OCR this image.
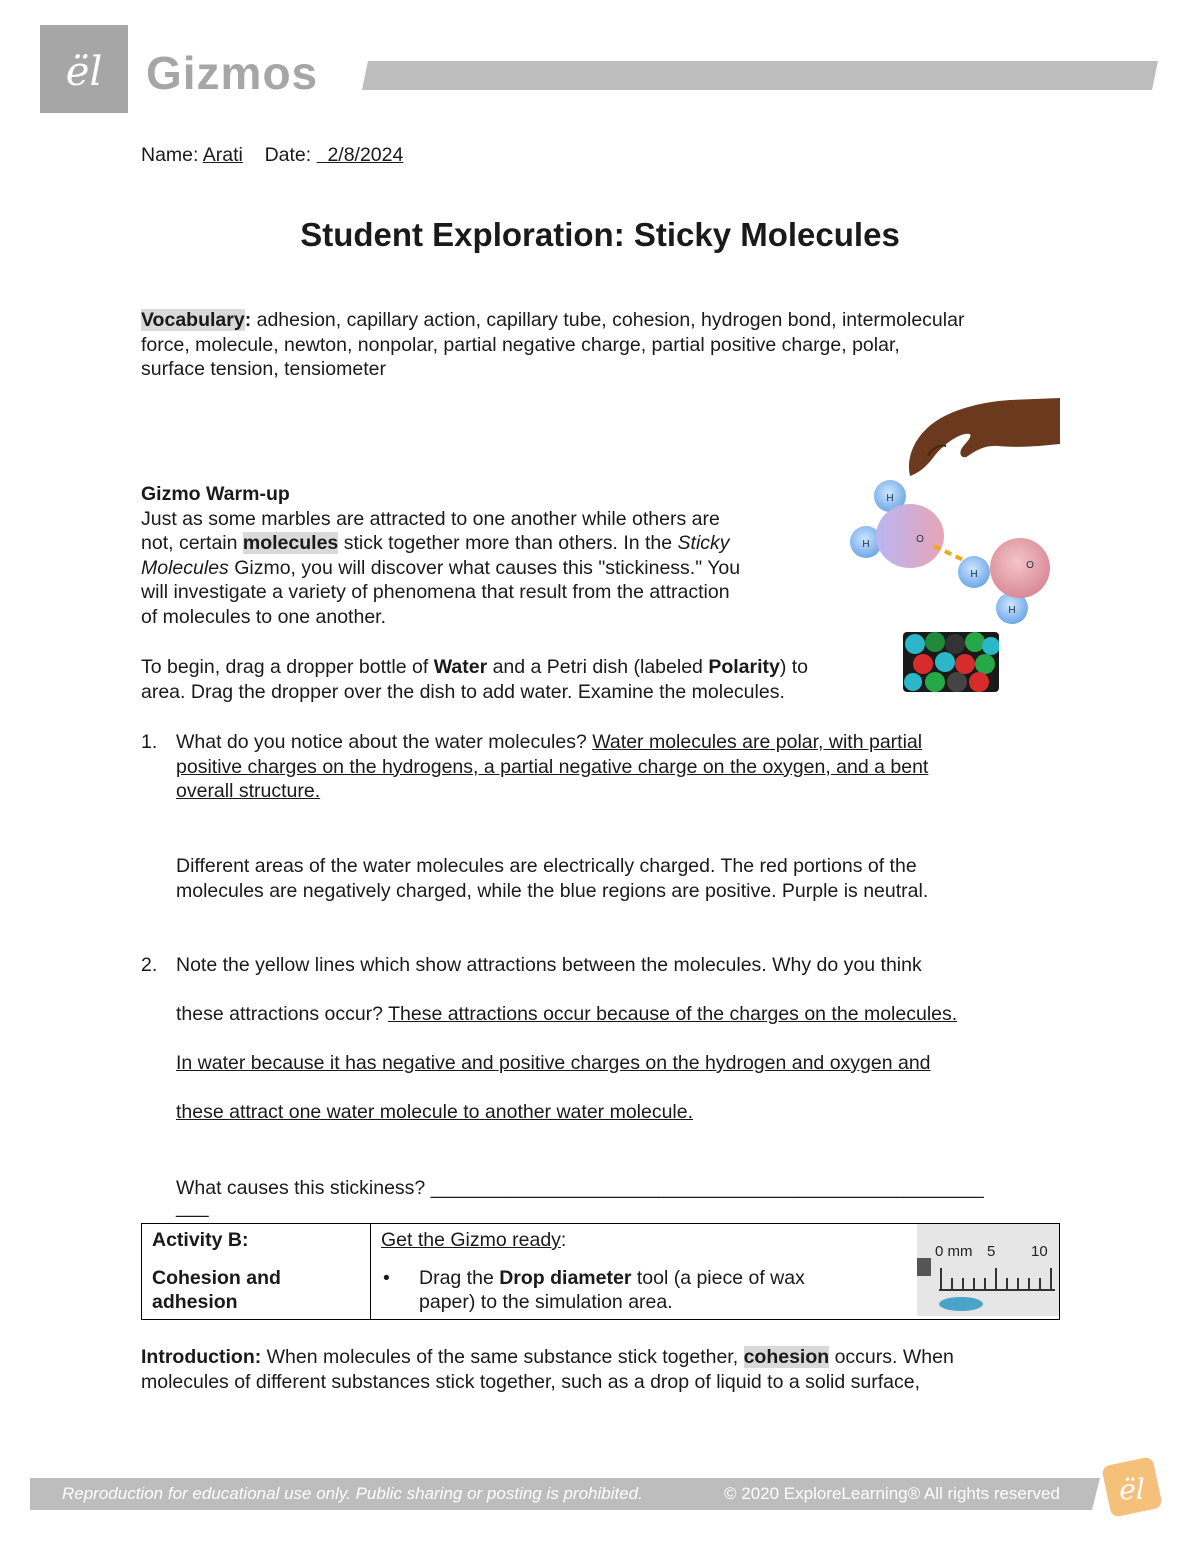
ël Gizmos
Name: Arati Date: 2/8/2024
Student Exploration: Sticky Molecules
Vocabulary: adhesion, capillary action, capillary tube, cohesion, hydrogen bond, intermolecular
force, molecule, newton, nonpolar, partial negative charge, partial positive charge, polar,
surface tension, tensiometer
H
H	O
H
O
H
Gizmo Warm-up
Just as some marbles are attracted to one another while others are
not, certain molecules stick together more than others. In the Sticky
Molecules Gizmo, you will discover what causes this "stickiness." You
will investigate a variety of phenomena that result from the attraction
of molecules to one another.
To begin, drag a dropper bottle of Water and a Petri dish (labeled Polarity) to
area. Drag the dropper over the dish to add water. Examine the molecules.
1. What do you notice about the water molecules? Water molecules are polar, with partial
positive charges on the hydrogens, a partial negative charge on the oxygen, and a bent
overall structure.
Different areas of the water molecules are electrically charged. The red portions of the
molecules are negatively charged, while the blue regions are positive. Purple is neutral.
2. Note the yellow lines which show attractions between the molecules. Why do you think
these attractions occur? These attractions occur because of the charges on the molecules.
In water because it has negative and positive charges on the hydrogen and oxygen and
these attract one water molecule to another water molecule.
What causes this stickiness? ___________________________________________________
___
Activity B:
Cohesion and
adhesion

Get the Gizmo ready:
•	Drag the Drop diameter tool (a piece of wax
paper) to the simulation area.
0 mm 5 10
Introduction: When molecules of the same substance stick together, cohesion occurs. When
molecules of different substances stick together, such as a drop of liquid to a solid surface,
Reproduction for educational use only. Public sharing or posting is prohibited.	© 2020 ExploreLearning® All rights reserved ël
